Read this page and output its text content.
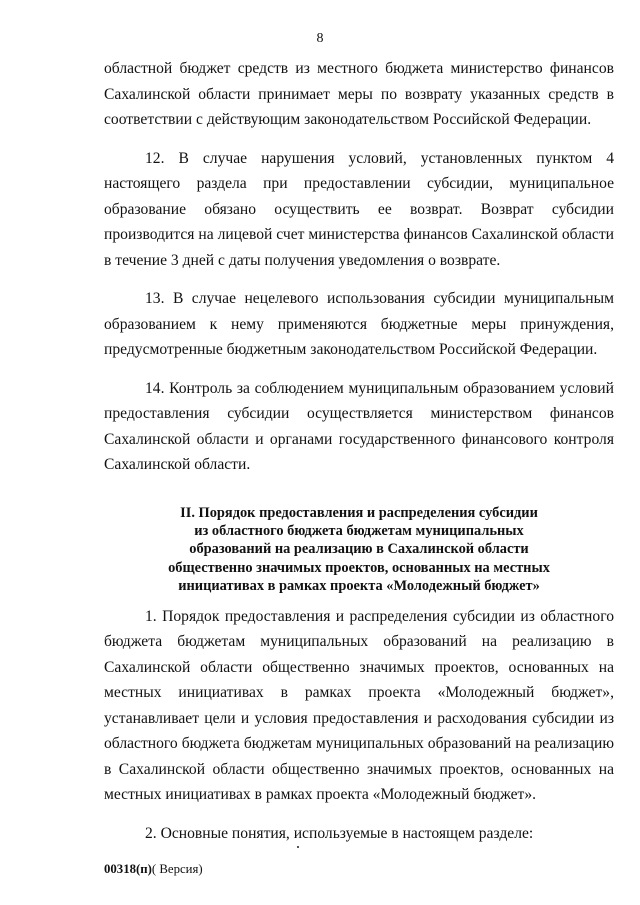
8

областной бюджет средств из местного бюджета министерство финансов Сахалинской области принимает меры по возврату указанных средств в соответствии с действующим законодательством Российской Федерации.

12. В случае нарушения условий, установленных пунктом 4 настоящего раздела при предоставлении субсидии, муниципальное образование обязано осуществить ее возврат. Возврат субсидии производится на лицевой счет министерства финансов Сахалинской области в течение 3 дней с даты получения уведомления о возврате.

13. В случае нецелевого использования субсидии муниципальным образованием к нему применяются бюджетные меры принуждения, предусмотренные бюджетным законодательством Российской Федерации.

14. Контроль за соблюдением муниципальным образованием условий предоставления субсидии осуществляется министерством финансов Сахалинской области и органами государственного финансового контроля Сахалинской области.

II. Порядок предоставления и распределения субсидии
из областного бюджета бюджетам муниципальных
образований на реализацию в Сахалинской области
общественно значимых проектов, основанных на местных
инициативах в рамках проекта «Молодежный бюджет»

1. Порядок предоставления и распределения субсидии из областного бюджета бюджетам муниципальных образований на реализацию в Сахалинской области общественно значимых проектов, основанных на местных инициативах в рамках проекта «Молодежный бюджет», устанавливает цели и условия предоставления и расходования субсидии из областного бюджета бюджетам муниципальных образований на реализацию в Сахалинской области общественно значимых проектов, основанных на местных инициативах в рамках проекта «Молодежный бюджет».

2. Основные понятия, используемые в настоящем разделе:

00318(п)( Версия)
